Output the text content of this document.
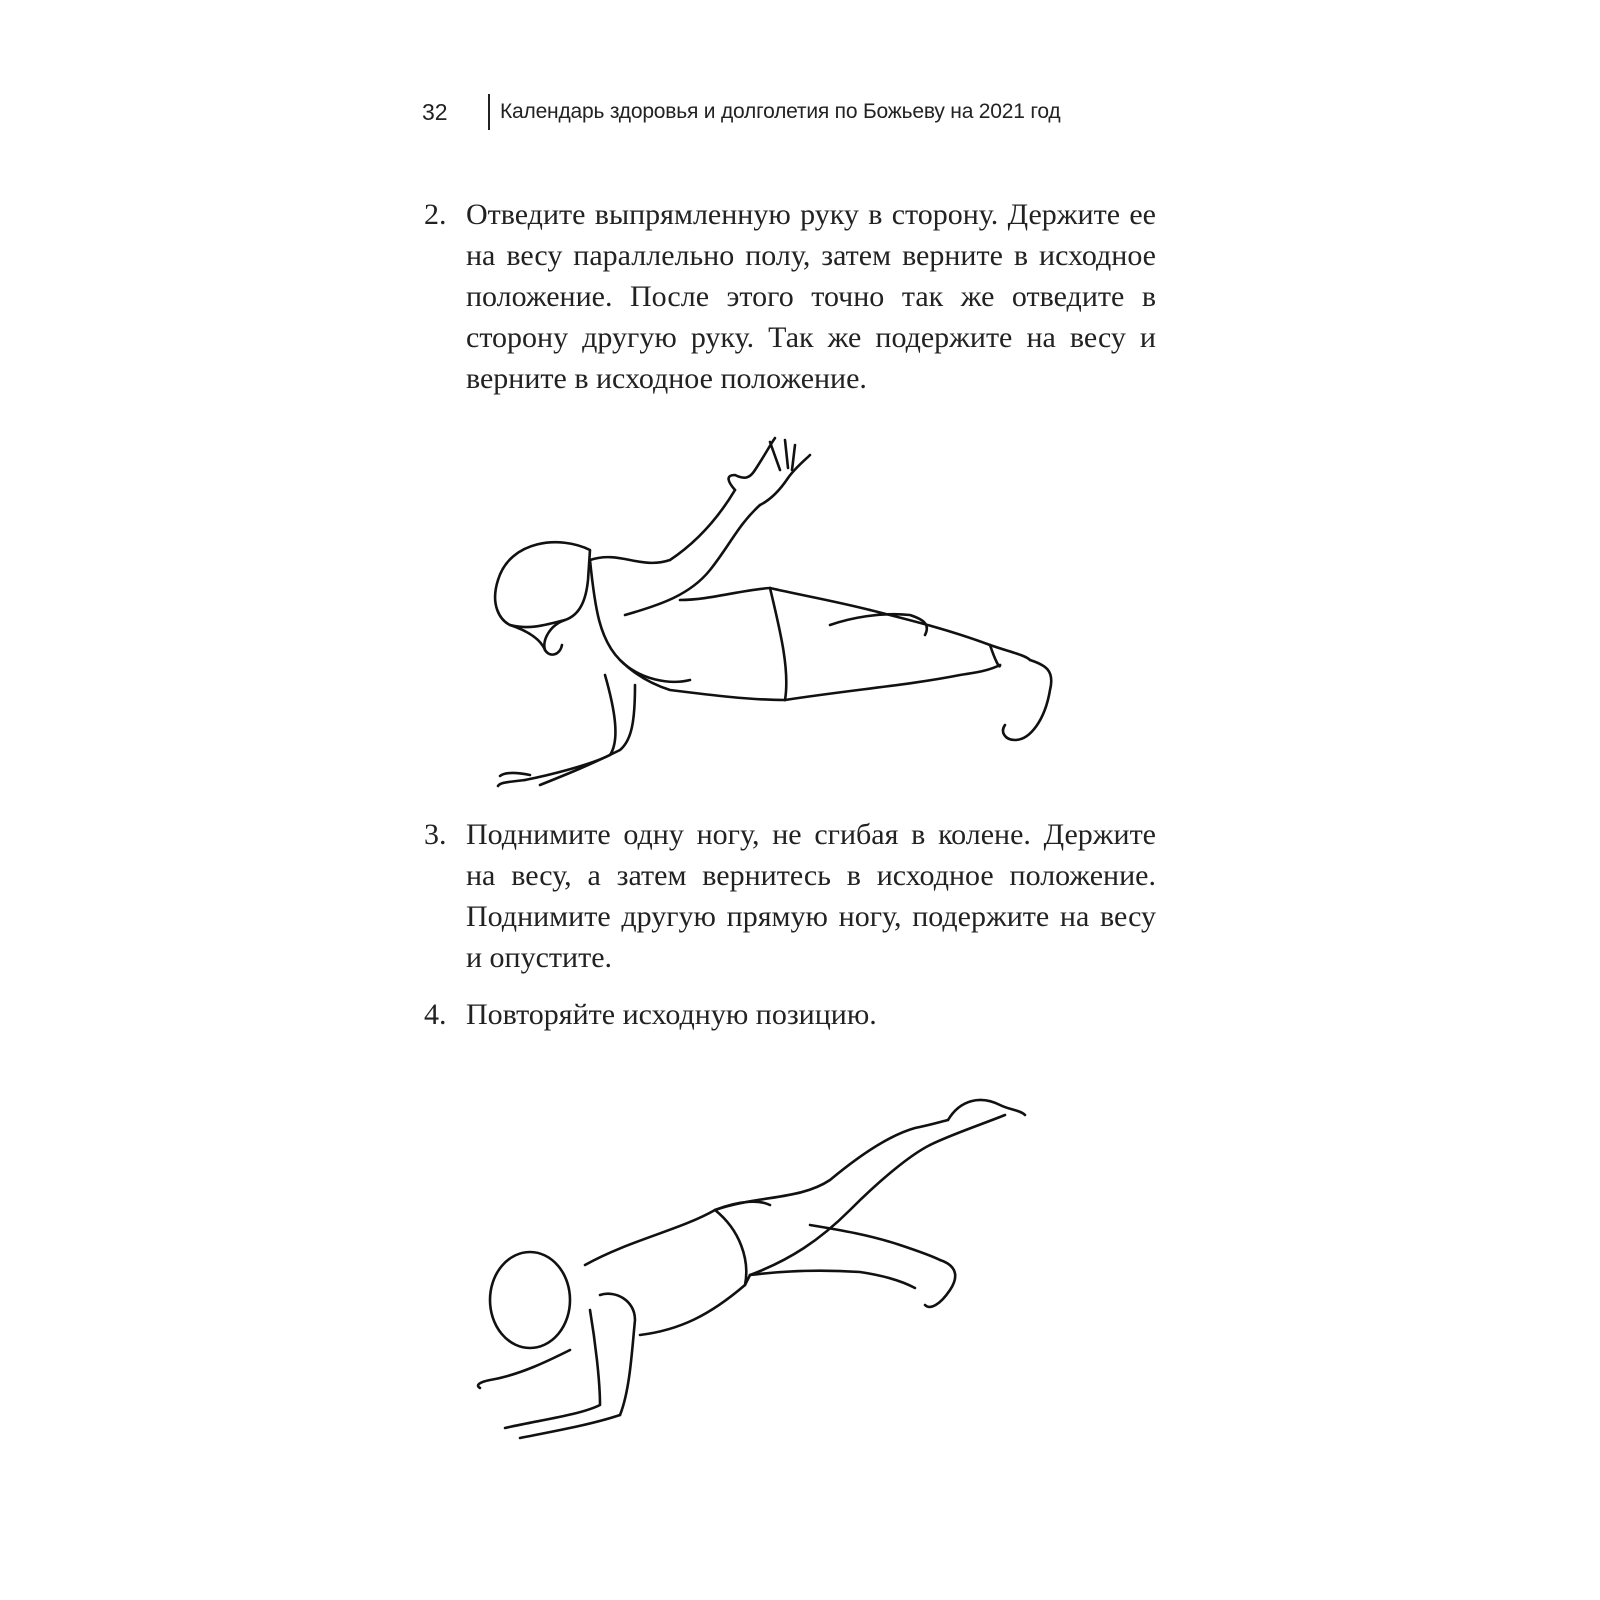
32	Календарь здоровья и долголетия по Божьеву на 2021 год
2. Отведите выпрямленную руку в сторону. Держите ее на весу параллельно полу, затем верните в исходное положение. После этого точно так же отведите в сторону другую руку. Так же подержите на весу и верните в исходное положение.
3. Поднимите одну ногу, не сгибая в колене. Держите на весу, а затем вернитесь в исходное положение. Поднимите другую прямую ногу, подержите на весу и опустите.
4. Повторяйте исходную позицию.
